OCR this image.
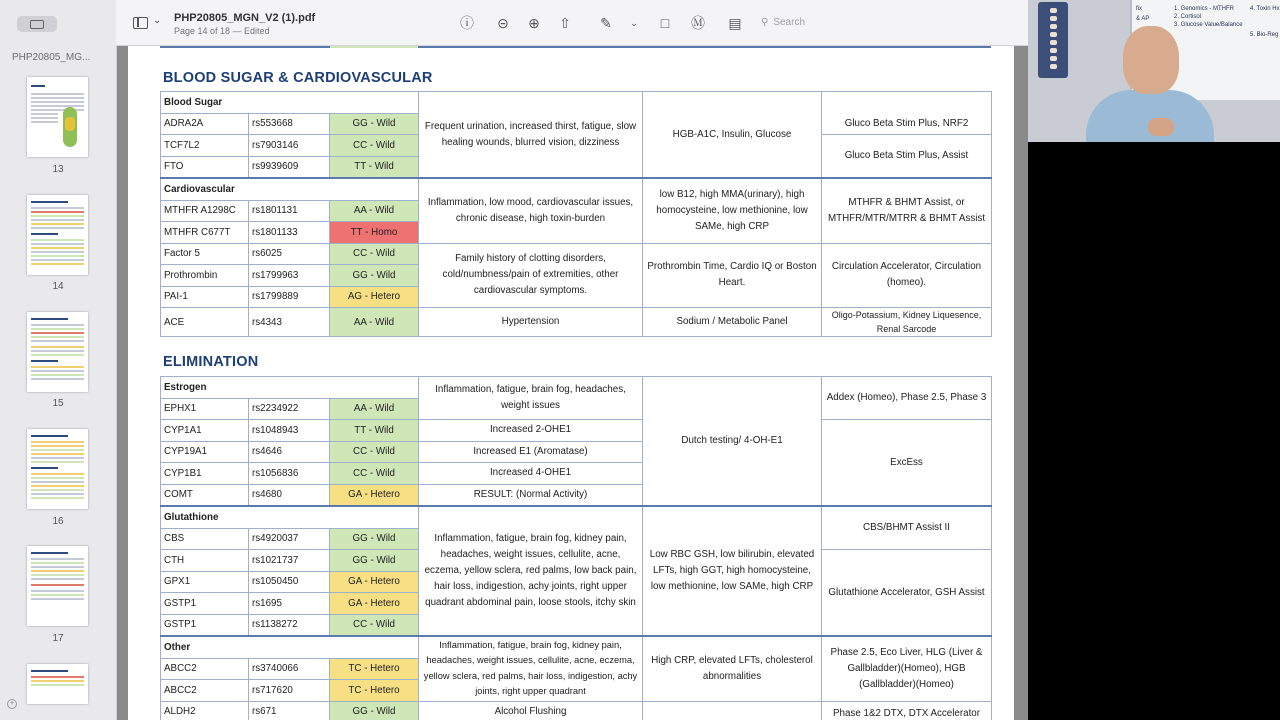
PHP20805_MG...
13
14
15
16
17
+
⌄ PHP20805_MGN_V2 (1).pdf
Page 14 of 18 — Edited	ⓘ ⊝ ⊕ ⇧ ✎	⌄	□	Ⓜ ▤ ⚲ Search
BLOOD SUGAR & CARDIOVASCULAR
Blood Sugar			Frequent urination, increased thirst, fatigue, slow healing wounds, blurred vision, dizziness	HGB-A1C, Insulin, Glucose	Gluco Beta Stim Plus, NRF2
ADRA2A	rs553668	GG - Wild			
TCF7L2	rs7903146	CC - Wild			Gluco Beta Stim Plus, Assist
FTO	rs9939609	TT - Wild			
Cardiovascular			Inflammation, low mood, cardiovascular issues, chronic disease, high toxin-burden	low B12, high MMA(urinary), high homocysteine, low methionine, low SAMe, high CRP	MTHFR & BHMT Assist, or MTHFR/MTR/MTRR & BHMT Assist
MTHFR A1298C	rs1801131	AA - Wild			
MTHFR C677T	rs1801133	TT - Homo			
Factor 5	rs6025	CC - Wild	Family history of clotting disorders, cold/numbness/pain of extremities, other cardiovascular symptoms.	Prothrombin Time, Cardio IQ or Boston Heart.	Circulation Accelerator, Circulation (homeo).
Prothrombin	rs1799963	GG - Wild			
PAI-1	rs1799889	AG - Hetero			
ACE	rs4343	AA - Wild	Hypertension	Sodium / Metabolic Panel	Oligo-Potassium, Kidney Liquesence, Renal Sarcode
ELIMINATION
Estrogen			Inflammation, fatigue, brain fog, headaches, weight issues	Dutch testing/ 4-OH-E1	Addex (Homeo), Phase 2.5, Phase 3
EPHX1	rs2234922	AA - Wild			
CYP1A1	rs1048943	TT - Wild	Increased 2-OHE1		ExcEss
CYP19A1	rs4646	CC - Wild	Increased E1 (Aromatase)		
CYP1B1	rs1056836	CC - Wild	Increased 4-OHE1		
COMT	rs4680	GA - Hetero	RESULT: (Normal Activity)		
Glutathione			Inflammation, fatigue, brain fog, kidney pain, headaches, weight issues, cellulite, acne, eczema, yellow sclera, red palms, low back pain, hair loss, indigestion, achy joints, right upper quadrant abdominal pain, loose stools, itchy skin	Low RBC GSH, low bilirubin, elevated LFTs, high GGT, high homocysteine, low methionine, low SAMe, high CRP	CBS/BHMT Assist II
CBS	rs4920037	GG - Wild			
CTH	rs1021737	GG - Wild			Glutathione Accelerator, GSH Assist
GPX1	rs1050450	GA - Hetero			
GSTP1	rs1695	GA - Hetero			
GSTP1	rs1138272	CC - Wild			
Other			Inflammation, fatigue, brain fog, kidney pain, headaches, weight issues, cellulite, acne, eczema, yellow sclera, red palms, hair loss, indigestion, achy joints, right upper quadrant	High CRP, elevated LFTs, cholesterol abnormalities	Phase 2.5, Eco Liver, HLG (Liver & Gallbladder)(Homeo), HGB (Gallbladder)(Homeo)
ABCC2	rs3740066	TC - Hetero			
ABCC2	rs717620	TC - Hetero			
ALDH2	rs671	GG - Wild	Alcohol Flushing		Phase 1&2 DTX, DTX Accelerator
1. Genomics - MTHFR
2. Cortisol
3. Glucose Value/Balance
4. Toxin Hx
5. Bio-Reg
fix
& AP
